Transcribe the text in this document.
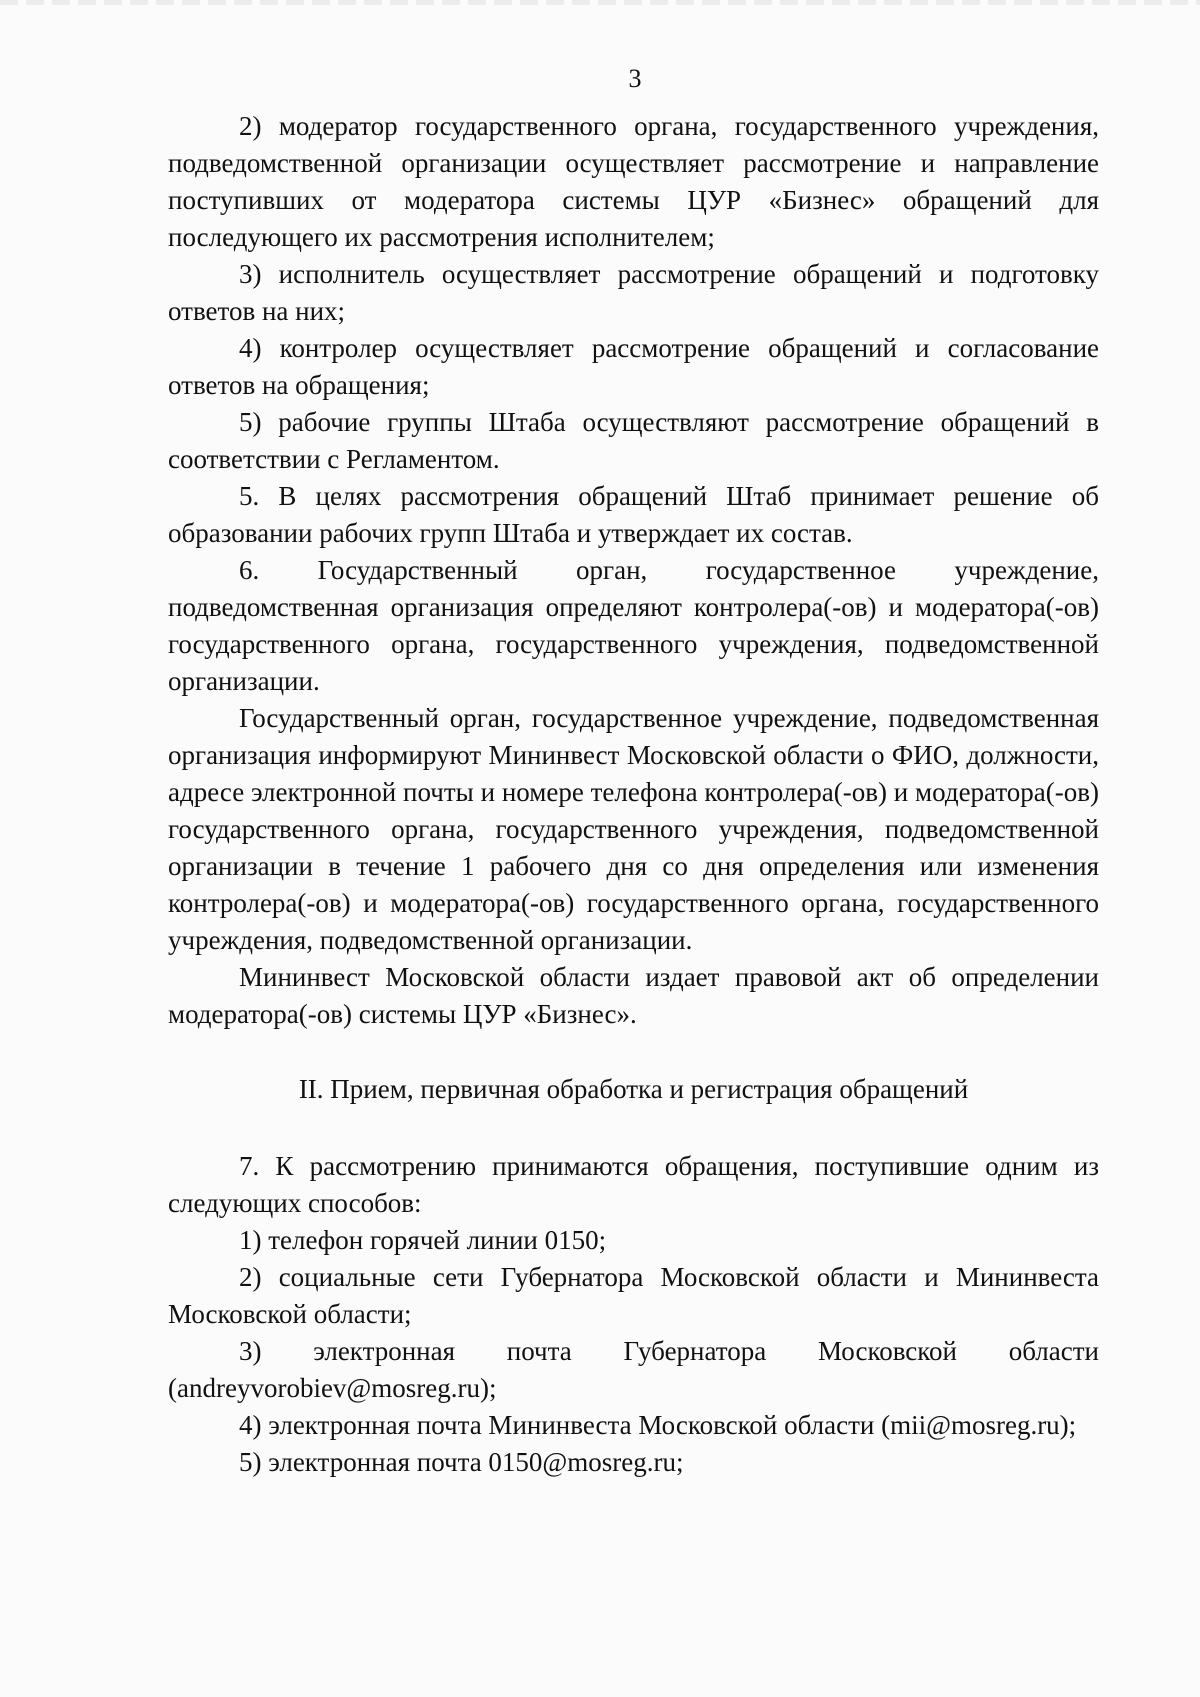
3

2) модератор государственного органа, государственного учреждения, подведомственной организации осуществляет рассмотрение и направление поступивших от модератора системы ЦУР «Бизнес» обращений для последующего их рассмотрения исполнителем;

3) исполнитель осуществляет рассмотрение обращений и подготовку ответов на них;

4) контролер осуществляет рассмотрение обращений и согласование ответов на обращения;

5) рабочие группы Штаба осуществляют рассмотрение обращений в соответствии с Регламентом.

5. В целях рассмотрения обращений Штаб принимает решение об образовании рабочих групп Штаба и утверждает их состав.

6. Государственный орган, государственное учреждение, подведомственная организация определяют контролера(-ов) и модератора(-ов) государственного органа, государственного учреждения, подведомственной организации.

Государственный орган, государственное учреждение, подведомственная организация информируют Мининвест Московской области о ФИО, должности, адресе электронной почты и номере телефона контролера(-ов) и модератора(-ов) государственного органа, государственного учреждения, подведомственной организации в течение 1 рабочего дня со дня определения или изменения контролера(-ов) и модератора(-ов) государственного органа, государственного учреждения, подведомственной организации.

Мининвест Московской области издает правовой акт об определении модератора(-ов) системы ЦУР «Бизнес».

II. Прием, первичная обработка и регистрация обращений

7. К рассмотрению принимаются обращения, поступившие одним из следующих способов:

1) телефон горячей линии 0150;

2) социальные сети Губернатора Московской области и Мининвеста Московской области;

3) электронная почта Губернатора Московской области (andreyvorobiev@mosreg.ru);

4) электронная почта Мининвеста Московской области (mii@mosreg.ru);

5) электронная почта 0150@mosreg.ru;
